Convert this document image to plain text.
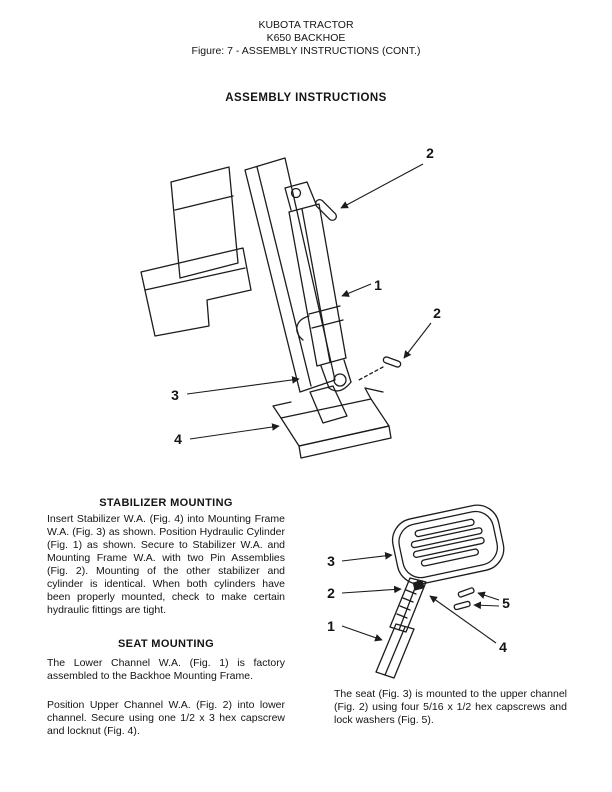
KUBOTA TRACTOR
K650 BACKHOE
Figure: 7 - ASSEMBLY INSTRUCTIONS (CONT.)
ASSEMBLY INSTRUCTIONS
2
1
2
3
4
STABILIZER MOUNTING

Insert Stabilizer W.A. (Fig. 4) into Mounting Frame W.A. (Fig. 3) as shown. Position Hydraulic Cylinder (Fig. 1) as shown. Secure to Stabilizer W.A. and Mounting Frame W.A. with two Pin Assemblies (Fig. 2). Mounting of the other stabilizer and cylinder is identical. When both cylinders have been properly mounted, check to make certain hydraulic fittings are tight.

SEAT MOUNTING

The Lower Channel W.A. (Fig. 1) is factory assembled to the Backhoe Mounting Frame.

Position Upper Channel W.A. (Fig. 2) into lower channel. Secure using one 1/2 x 3 hex capscrew and locknut (Fig. 4).

3
2
1
4
5

The seat (Fig. 3) is mounted to the upper channel (Fig. 2) using four 5/16 x 1/2 hex capscrews and lock washers (Fig. 5).
